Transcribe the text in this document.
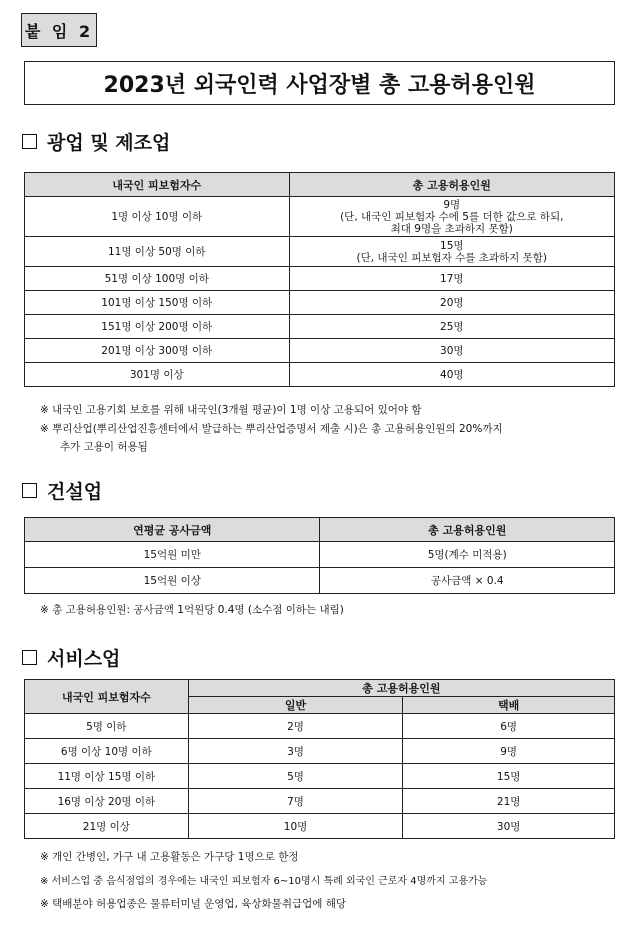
붙 임 2
2023년 외국인력 사업장별 총 고용허용인원
광업 및 제조업
내국인 피보험자수	총 고용허용인원
1명 이상 10명 이하	9명
(단, 내국인 피보험자 수에 5를 더한 값으로 하되,
최대 9명을 초과하지 못함)

11명 이상 50명 이하	15명
(단, 내국인 피보험자 수를 초과하지 못함)

51명 이상 100명 이하	17명
101명 이상 150명 이하	20명
151명 이상 200명 이하	25명
201명 이상 300명 이하	30명
301명 이상	40명
※ 내국인 고용기회 보호를 위해 내국인(3개월 평균)이 1명 이상 고용되어 있어야 함
※ 뿌리산업(뿌리산업진흥센터에서 발급하는 뿌리산업증명서 제출 시)은 총 고용허용인원의 20%까지
추가 고용이 허용됨
건설업
연평균 공사금액	총 고용허용인원
15억원 미만	5명(계수 미적용)
15억원 이상	공사금액 × 0.4
※ 총 고용허용인원: 공사금액 1억원당 0.4명 (소수점 이하는 내림)
서비스업
내국인 피보험자수	총 고용허용인원	
	일반	택배
5명 이하	2명	6명
6명 이상 10명 이하	3명	9명
11명 이상 15명 이하	5명	15명
16명 이상 20명 이하	7명	21명
21명 이상	10명	30명
※ 개인 간병인, 가구 내 고용활동은 가구당 1명으로 한정
※ 서비스업 중 음식점업의 경우에는 내국인 피보험자 6~10명시 특례 외국인 근로자 4명까지 고용가능
※ 택배분야 허용업종은 물류터미널 운영업, 육상화물취급업에 해당
